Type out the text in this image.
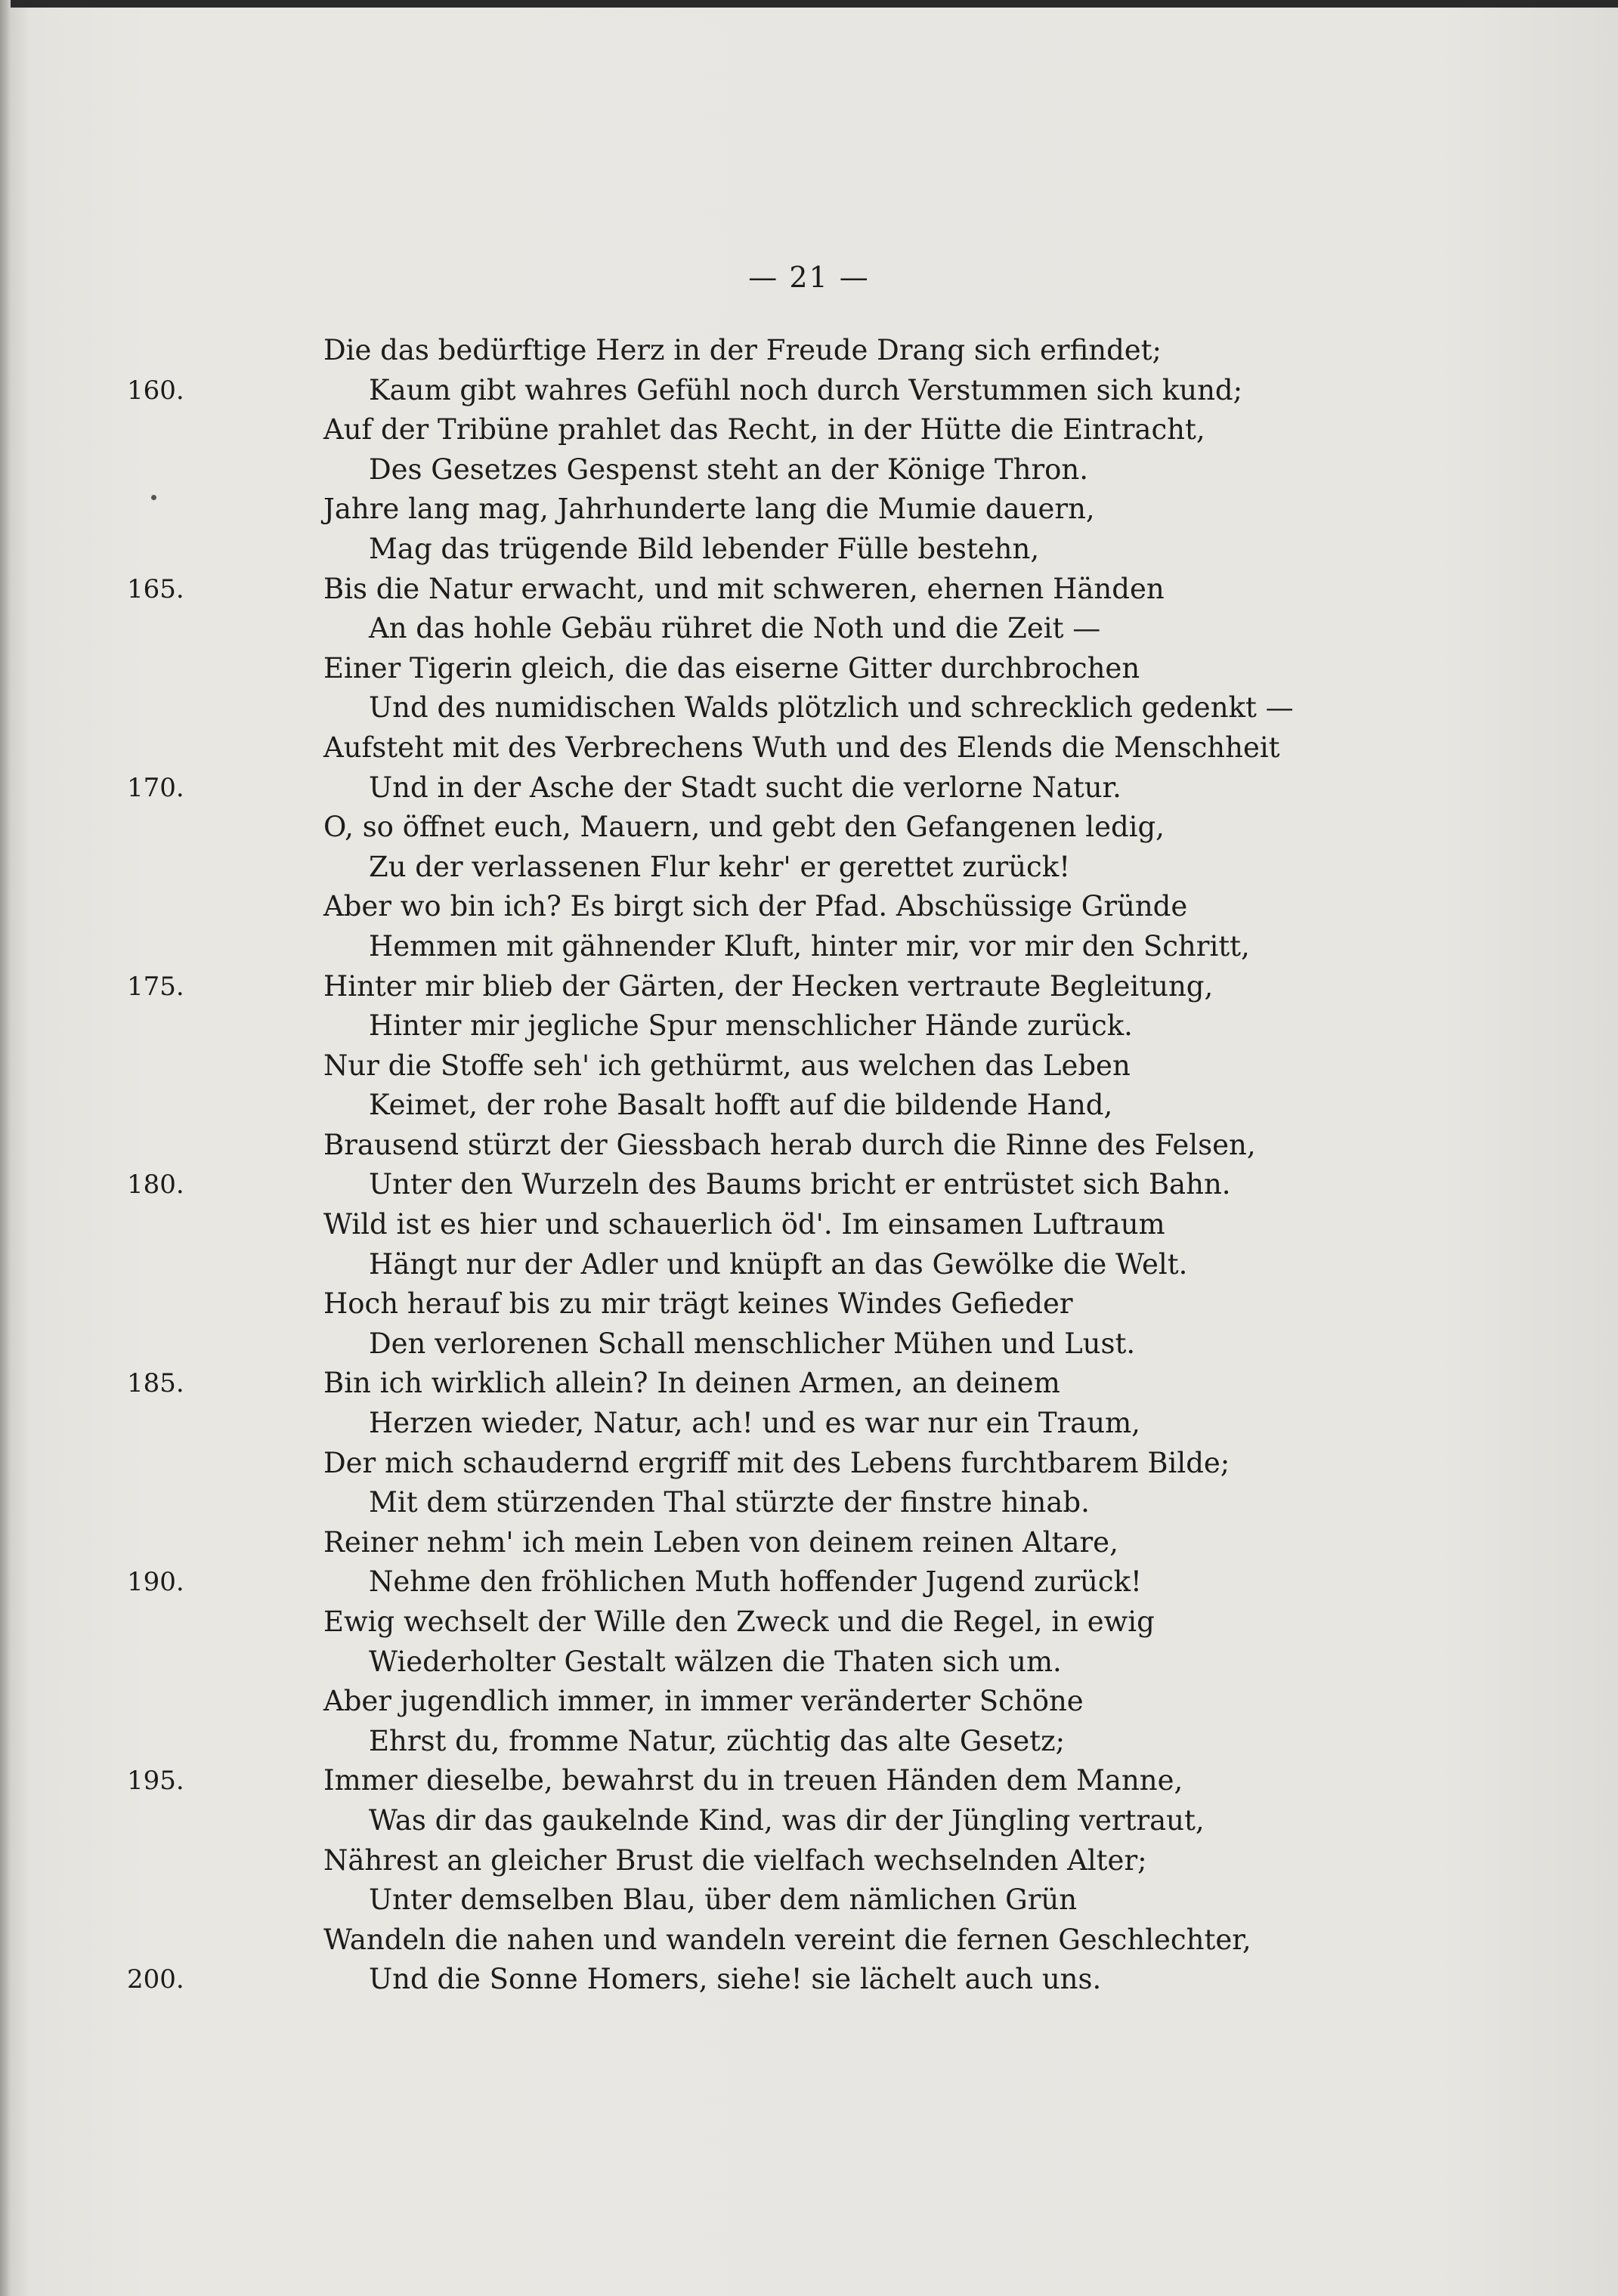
— 21 —
Die das bedürftige Herz in der Freude Drang sich erfindet;
160.	Kaum gibt wahres Gefühl noch durch Verstummen sich kund;
Auf der Tribüne prahlet das Recht, in der Hütte die Eintracht,
Des Gesetzes Gespenst steht an der Könige Thron.
Jahre lang mag, Jahrhunderte lang die Mumie dauern,
Mag das trügende Bild lebender Fülle bestehn,
165.	Bis die Natur erwacht, und mit schweren, ehernen Händen
An das hohle Gebäu rühret die Noth und die Zeit —
Einer Tigerin gleich, die das eiserne Gitter durchbrochen
Und des numidischen Walds plötzlich und schrecklich gedenkt —
Aufsteht mit des Verbrechens Wuth und des Elends die Menschheit
170.	Und in der Asche der Stadt sucht die verlorne Natur.
O, so öffnet euch, Mauern, und gebt den Gefangenen ledig,
Zu der verlassenen Flur kehr' er gerettet zurück!
Aber wo bin ich? Es birgt sich der Pfad. Abschüssige Gründe
Hemmen mit gähnender Kluft, hinter mir, vor mir den Schritt,
175.	Hinter mir blieb der Gärten, der Hecken vertraute Begleitung,
Hinter mir jegliche Spur menschlicher Hände zurück.
Nur die Stoffe seh' ich gethürmt, aus welchen das Leben
Keimet, der rohe Basalt hofft auf die bildende Hand,
Brausend stürzt der Giessbach herab durch die Rinne des Felsen,
180.	Unter den Wurzeln des Baums bricht er entrüstet sich Bahn.
Wild ist es hier und schauerlich öd'. Im einsamen Luftraum
Hängt nur der Adler und knüpft an das Gewölke die Welt.
Hoch herauf bis zu mir trägt keines Windes Gefieder
Den verlorenen Schall menschlicher Mühen und Lust.
185.	Bin ich wirklich allein? In deinen Armen, an deinem
Herzen wieder, Natur, ach! und es war nur ein Traum,
Der mich schaudernd ergriff mit des Lebens furchtbarem Bilde;
Mit dem stürzenden Thal stürzte der finstre hinab.
Reiner nehm' ich mein Leben von deinem reinen Altare,
190.	Nehme den fröhlichen Muth hoffender Jugend zurück!
Ewig wechselt der Wille den Zweck und die Regel, in ewig
Wiederholter Gestalt wälzen die Thaten sich um.
Aber jugendlich immer, in immer veränderter Schöne
Ehrst du, fromme Natur, züchtig das alte Gesetz;
195.	Immer dieselbe, bewahrst du in treuen Händen dem Manne,
Was dir das gaukelnde Kind, was dir der Jüngling vertraut,
Nährest an gleicher Brust die vielfach wechselnden Alter;
Unter demselben Blau, über dem nämlichen Grün
Wandeln die nahen und wandeln vereint die fernen Geschlechter,
200.	Und die Sonne Homers, siehe! sie lächelt auch uns.
